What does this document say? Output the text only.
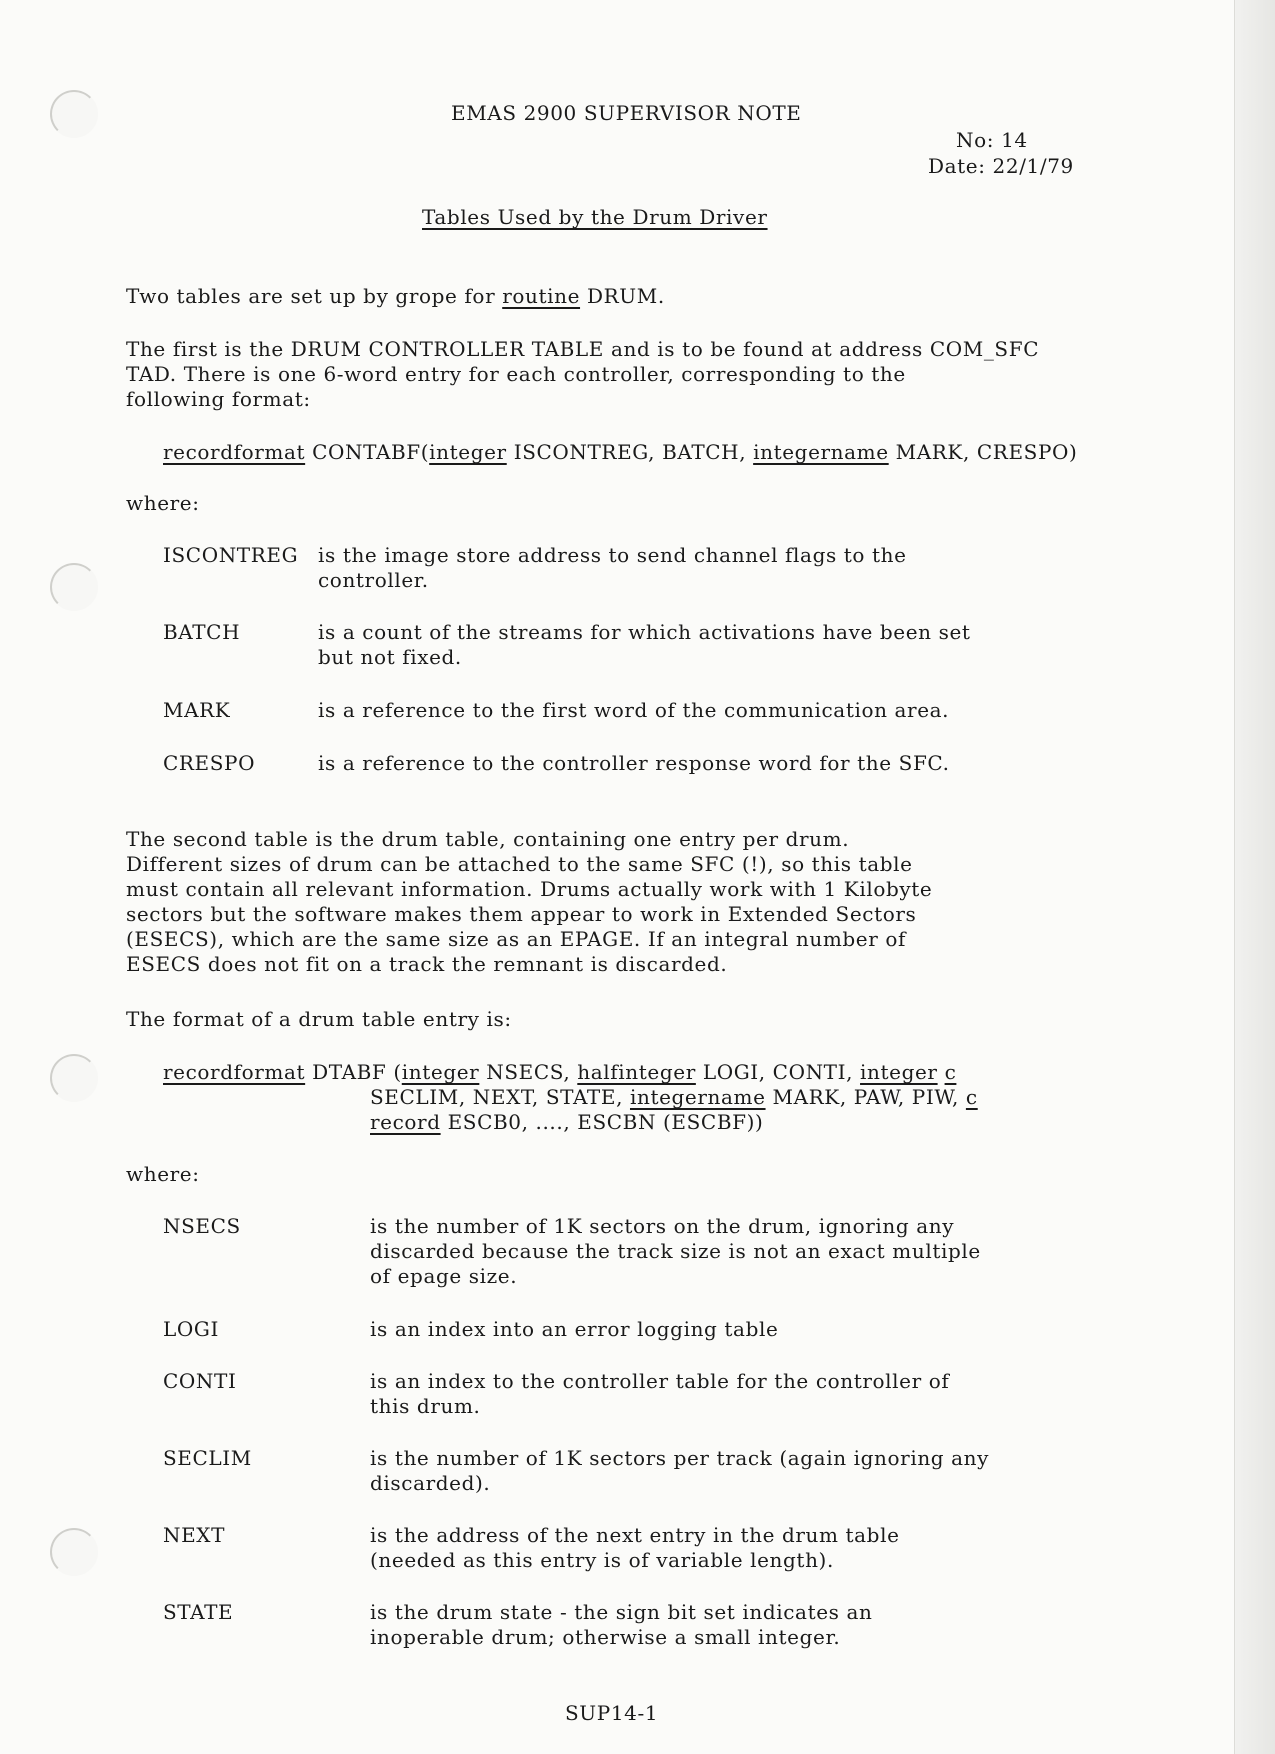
EMAS 2900 SUPERVISOR NOTE
No: 14
Date: 22/1/79
Tables Used by the Drum Driver
Two tables are set up by grope for routine DRUM.
The first is the DRUM CONTROLLER TABLE and is to be found at address COM_SFC
TAD. There is one 6-word entry for each controller, corresponding to the
following format:
recordformat CONTABF(integer ISCONTREG, BATCH, integername MARK, CRESPO)
where:
ISCONTREG is the image store address to send channel flags to the
controller.
BATCH	is a count of the streams for which activations have been set
but not fixed.
MARK	is a reference to the first word of the communication area.
CRESPO	is a reference to the controller response word for the SFC.
The second table is the drum table, containing one entry per drum.
Different sizes of drum can be attached to the same SFC (!), so this table
must contain all relevant information. Drums actually work with 1 Kilobyte
sectors but the software makes them appear to work in Extended Sectors
(ESECS), which are the same size as an EPAGE. If an integral number of
ESECS does not fit on a track the remnant is discarded.
The format of a drum table entry is:
recordformat DTABF (integer NSECS, halfinteger LOGI, CONTI, integer c
SECLIM, NEXT, STATE, integername MARK, PAW, PIW, c
record ESCB0, ...., ESCBN (ESCBF))
where:
NSECS	is the number of 1K sectors on the drum, ignoring any
discarded because the track size is not an exact multiple
of epage size.
LOGI	is an index into an error logging table
CONTI	is an index to the controller table for the controller of
this drum.
SECLIM	is the number of 1K sectors per track (again ignoring any
discarded).
NEXT	is the address of the next entry in the drum table
(needed as this entry is of variable length).
STATE	is the drum state - the sign bit set indicates an
inoperable drum; otherwise a small integer.
SUP14-1
